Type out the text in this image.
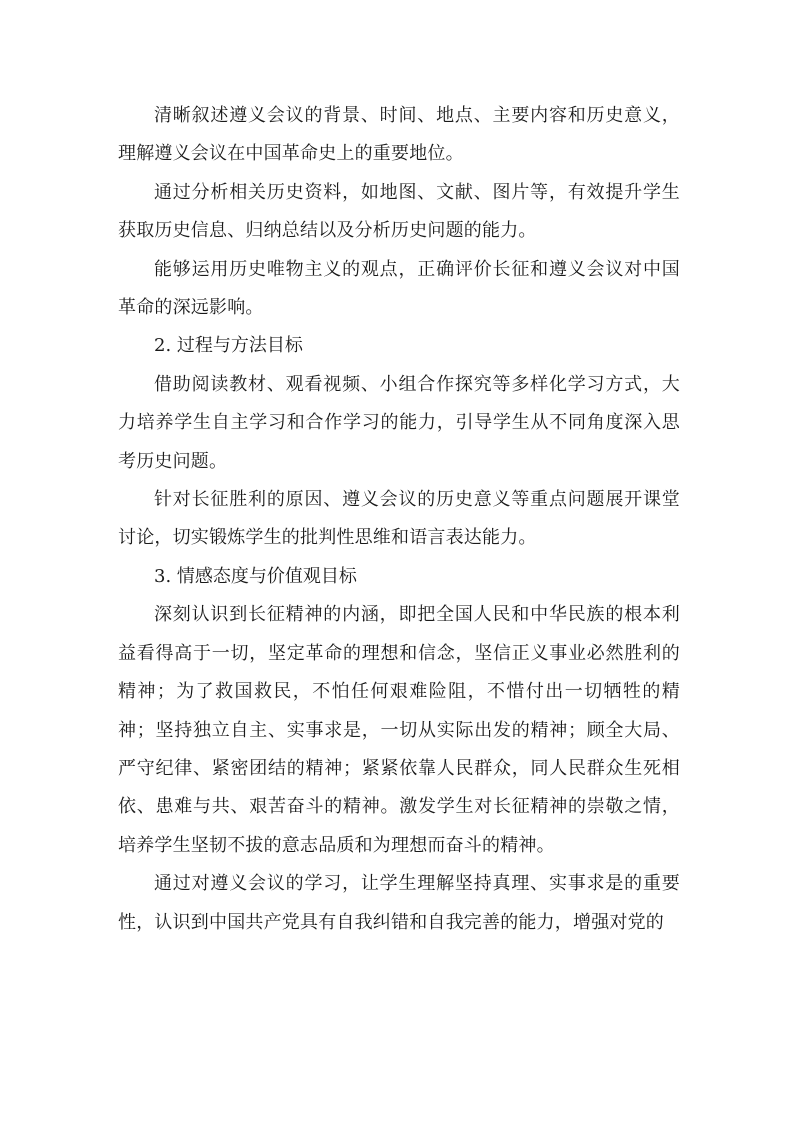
清晰叙述遵义会议的背景、时间、地点、主要内容和历史意义，理解遵义会议在中国革命史上的重要地位。

通过分析相关历史资料，如地图、文献、图片等，有效提升学生获取历史信息、归纳总结以及分析历史问题的能力。

能够运用历史唯物主义的观点，正确评价长征和遵义会议对中国革命的深远影响。

2. 过程与方法目标

借助阅读教材、观看视频、小组合作探究等多样化学习方式，大力培养学生自主学习和合作学习的能力，引导学生从不同角度深入思考历史问题。

针对长征胜利的原因、遵义会议的历史意义等重点问题展开课堂讨论，切实锻炼学生的批判性思维和语言表达能力。

3. 情感态度与价值观目标

深刻认识到长征精神的内涵，即把全国人民和中华民族的根本利益看得高于一切，坚定革命的理想和信念，坚信正义事业必然胜利的精神；为了救国救民，不怕任何艰难险阻，不惜付出一切牺牲的精神；坚持独立自主、实事求是，一切从实际出发的精神；顾全大局、严守纪律、紧密团结的精神；紧紧依靠人民群众，同人民群众生死相依、患难与共、艰苦奋斗的精神。激发学生对长征精神的崇敬之情，培养学生坚韧不拔的意志品质和为理想而奋斗的精神。

通过对遵义会议的学习，让学生理解坚持真理、实事求是的重要性，认识到中国共产党具有自我纠错和自我完善的能力，增强对党的
